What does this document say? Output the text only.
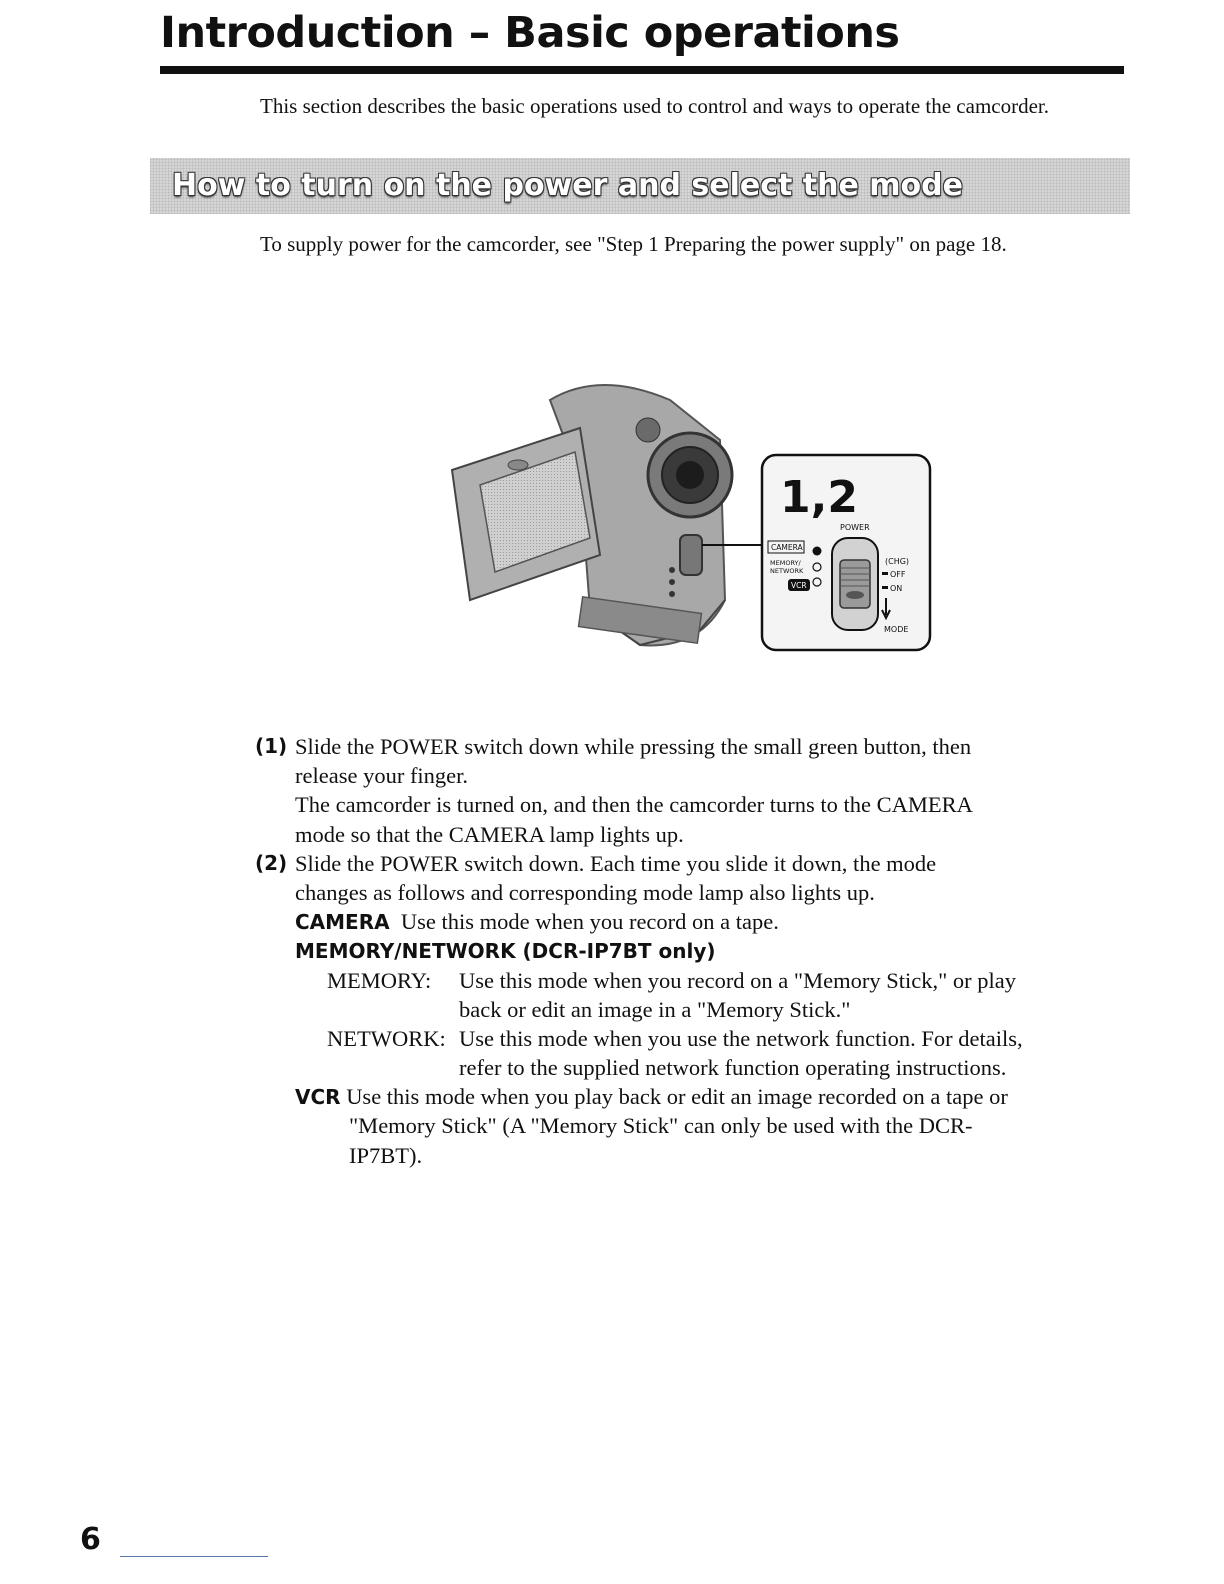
Introduction – Basic operations
This section describes the basic operations used to control and ways to operate the camcorder.
How to turn on the power and select the mode
To supply power for the camcorder, see "Step 1 Preparing the power supply" on page 18.
1,2
POWER
CAMERA
MEMORY/
NETWORK
VCR
(CHG)
OFF
ON
MODE
(1) Slide the POWER switch down while pressing the small green button, then
release your finger.
The camcorder is turned on, and then the camcorder turns to the CAMERA
mode so that the CAMERA lamp lights up.
(2) Slide the POWER switch down. Each time you slide it down, the mode
changes as follows and corresponding mode lamp also lights up.
CAMERA Use this mode when you record on a tape.
MEMORY/NETWORK (DCR-IP7BT only)
MEMORY: Use this mode when you record on a "Memory Stick," or play
back or edit an image in a "Memory Stick."
NETWORK: Use this mode when you use the network function. For details,
refer to the supplied network function operating instructions.
VCR Use this mode when you play back or edit an image recorded on a tape or
"Memory Stick" (A "Memory Stick" can only be used with the DCR-
IP7BT).
6
